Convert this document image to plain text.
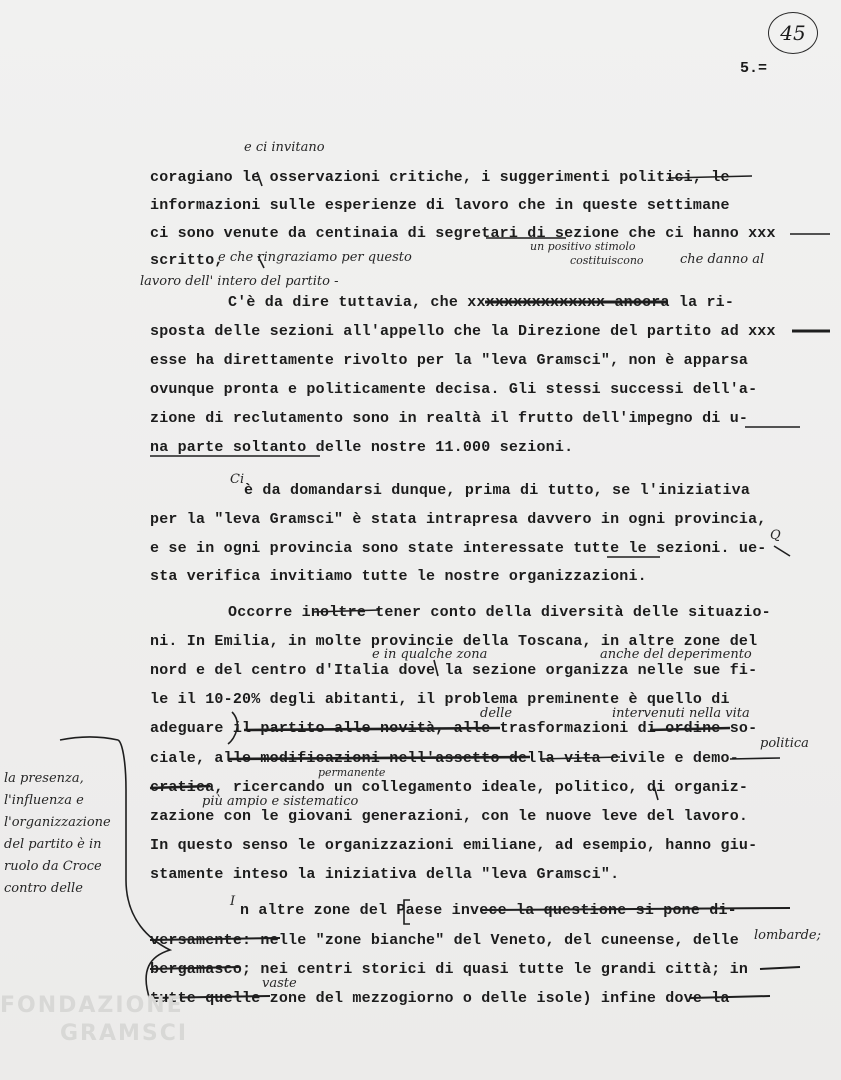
45
5.=
e ci invitano
coragiano le osservazioni critiche, i suggerimenti politici, le
informazioni sulle esperienze di lavoro che in queste settimane
ci sono venute da centinaia di segretari di sezione che ci hanno xxx
scritto,
e che ringraziamo per questo
un positivo stimolo
costituiscono	che danno al
lavoro dell' intero del partito -
C'è da dire tuttavia, che xxxxxxxxxxxxxxx ancora la ri-
sposta delle sezioni all'appello che la Direzione del partito ad xxx
esse ha direttamente rivolto per la "leva Gramsci", non è apparsa
ovunque pronta e politicamente decisa. Gli stessi successi dell'a-
zione di reclutamento sono in realtà il frutto dell'impegno di u-
na parte soltanto delle nostre 11.000 sezioni.
Ci
è da domandarsi dunque, prima di tutto, se l'iniziativa
per la "leva Gramsci" è stata intrapresa davvero in ogni provincia,
Q
e se in ogni provincia sono state interessate tutte le sezioni. ue-
sta verifica invitiamo tutte le nostre organizzazioni.
Occorre inoltre tener conto della diversità delle situazio-
ni. In Emilia, in molte provincie della Toscana, in altre zone del
e in qualche zona	anche del deperimento
nord e del centro d'Italia dove la sezione organizza nelle sue fi-
le il 10-20% degli abitanti, il problema preminente è quello di
delle	intervenuti nella vita
adeguare il partito alle novità, alle trasformazioni di ordine so-
politica
ciale, alle modificazioni nell'assetto della vita civile e demo-
permanente
cratica, ricercando un collegamento ideale, politico, di organiz-
più ampio e sistematico
zazione con le giovani generazioni, con le nuove leve del lavoro.
In questo senso le organizzazioni emiliane, ad esempio, hanno giu-
stamente inteso la iniziativa della "leva Gramsci".
I
n altre zone del Paese invece la questione si pone di-
lombarde;
versamente: nelle "zone bianche" del Veneto, del cuneense, delle
bergamasco; nei centri storici di quasi tutte le grandi città; in
vaste
tutte quelle zone del mezzogiorno o delle isole) infine dove la
la presenza, l'influenza e l'organizzazione del partito è in ruolo da Croce contro delle
FONDAZIONE
GRAMSCI
